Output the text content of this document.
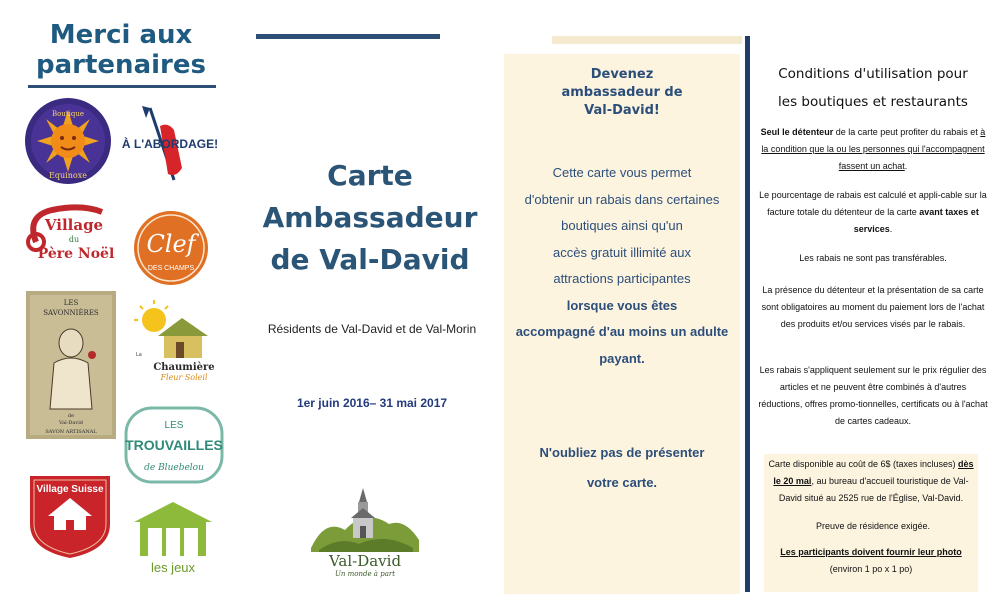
Merci aux
partenaires
Boutique
Equinoxe
À L'ABORDAGE!
Village
du
Père Noël Clef
DES CHAMPS
LES
SAVONNIÈRES
de
Val-David
SAVON ARTISANAL
La
Chaumière
Fleur Soleil
LES
TROUVAILLES
de Bluebelou
Village Suisse
les jeux
Carte
Ambassadeur
de Val-David
Résidents de Val-David et de Val-Morin
1er juin 2016– 31 mai 2017
Val-David
Un monde à part
Devenez
ambassadeur de
Val-David!
Cette carte vous permet
d'obtenir un rabais dans certaines
boutiques ainsi qu'un
accès gratuit illimité aux
attractions participantes
lorsque vous êtes
accompagné d'au moins un adulte
payant.
N'oubliez pas de présenter
votre carte.
Conditions d'utilisation pour
les boutiques et restaurants
Seul le détenteur de la carte peut profiter du rabais et à la condition que la ou les personnes qui l'accompagnent fassent un achat.
Le pourcentage de rabais est calculé et appli-cable sur la facture totale du détenteur de la carte avant taxes et services.
Les rabais ne sont pas transférables.
La présence du détenteur et la présentation de sa carte sont obligatoires au moment du paiement lors de l'achat des produits et/ou services visés par le rabais.
Les rabais s'appliquent seulement sur le prix régulier des articles et ne peuvent être combinés à d'autres réductions, offres promo-tionnelles, certificats ou à l'achat de cartes cadeaux.
Carte disponible au coût de 6$ (taxes incluses) dès le 20 mai, au bureau d'accueil touristique de Val-David situé au 2525 rue de l'Église, Val-David.
Preuve de résidence exigée.
Les participants doivent fournir leur photo (environ 1 po x 1 po)
